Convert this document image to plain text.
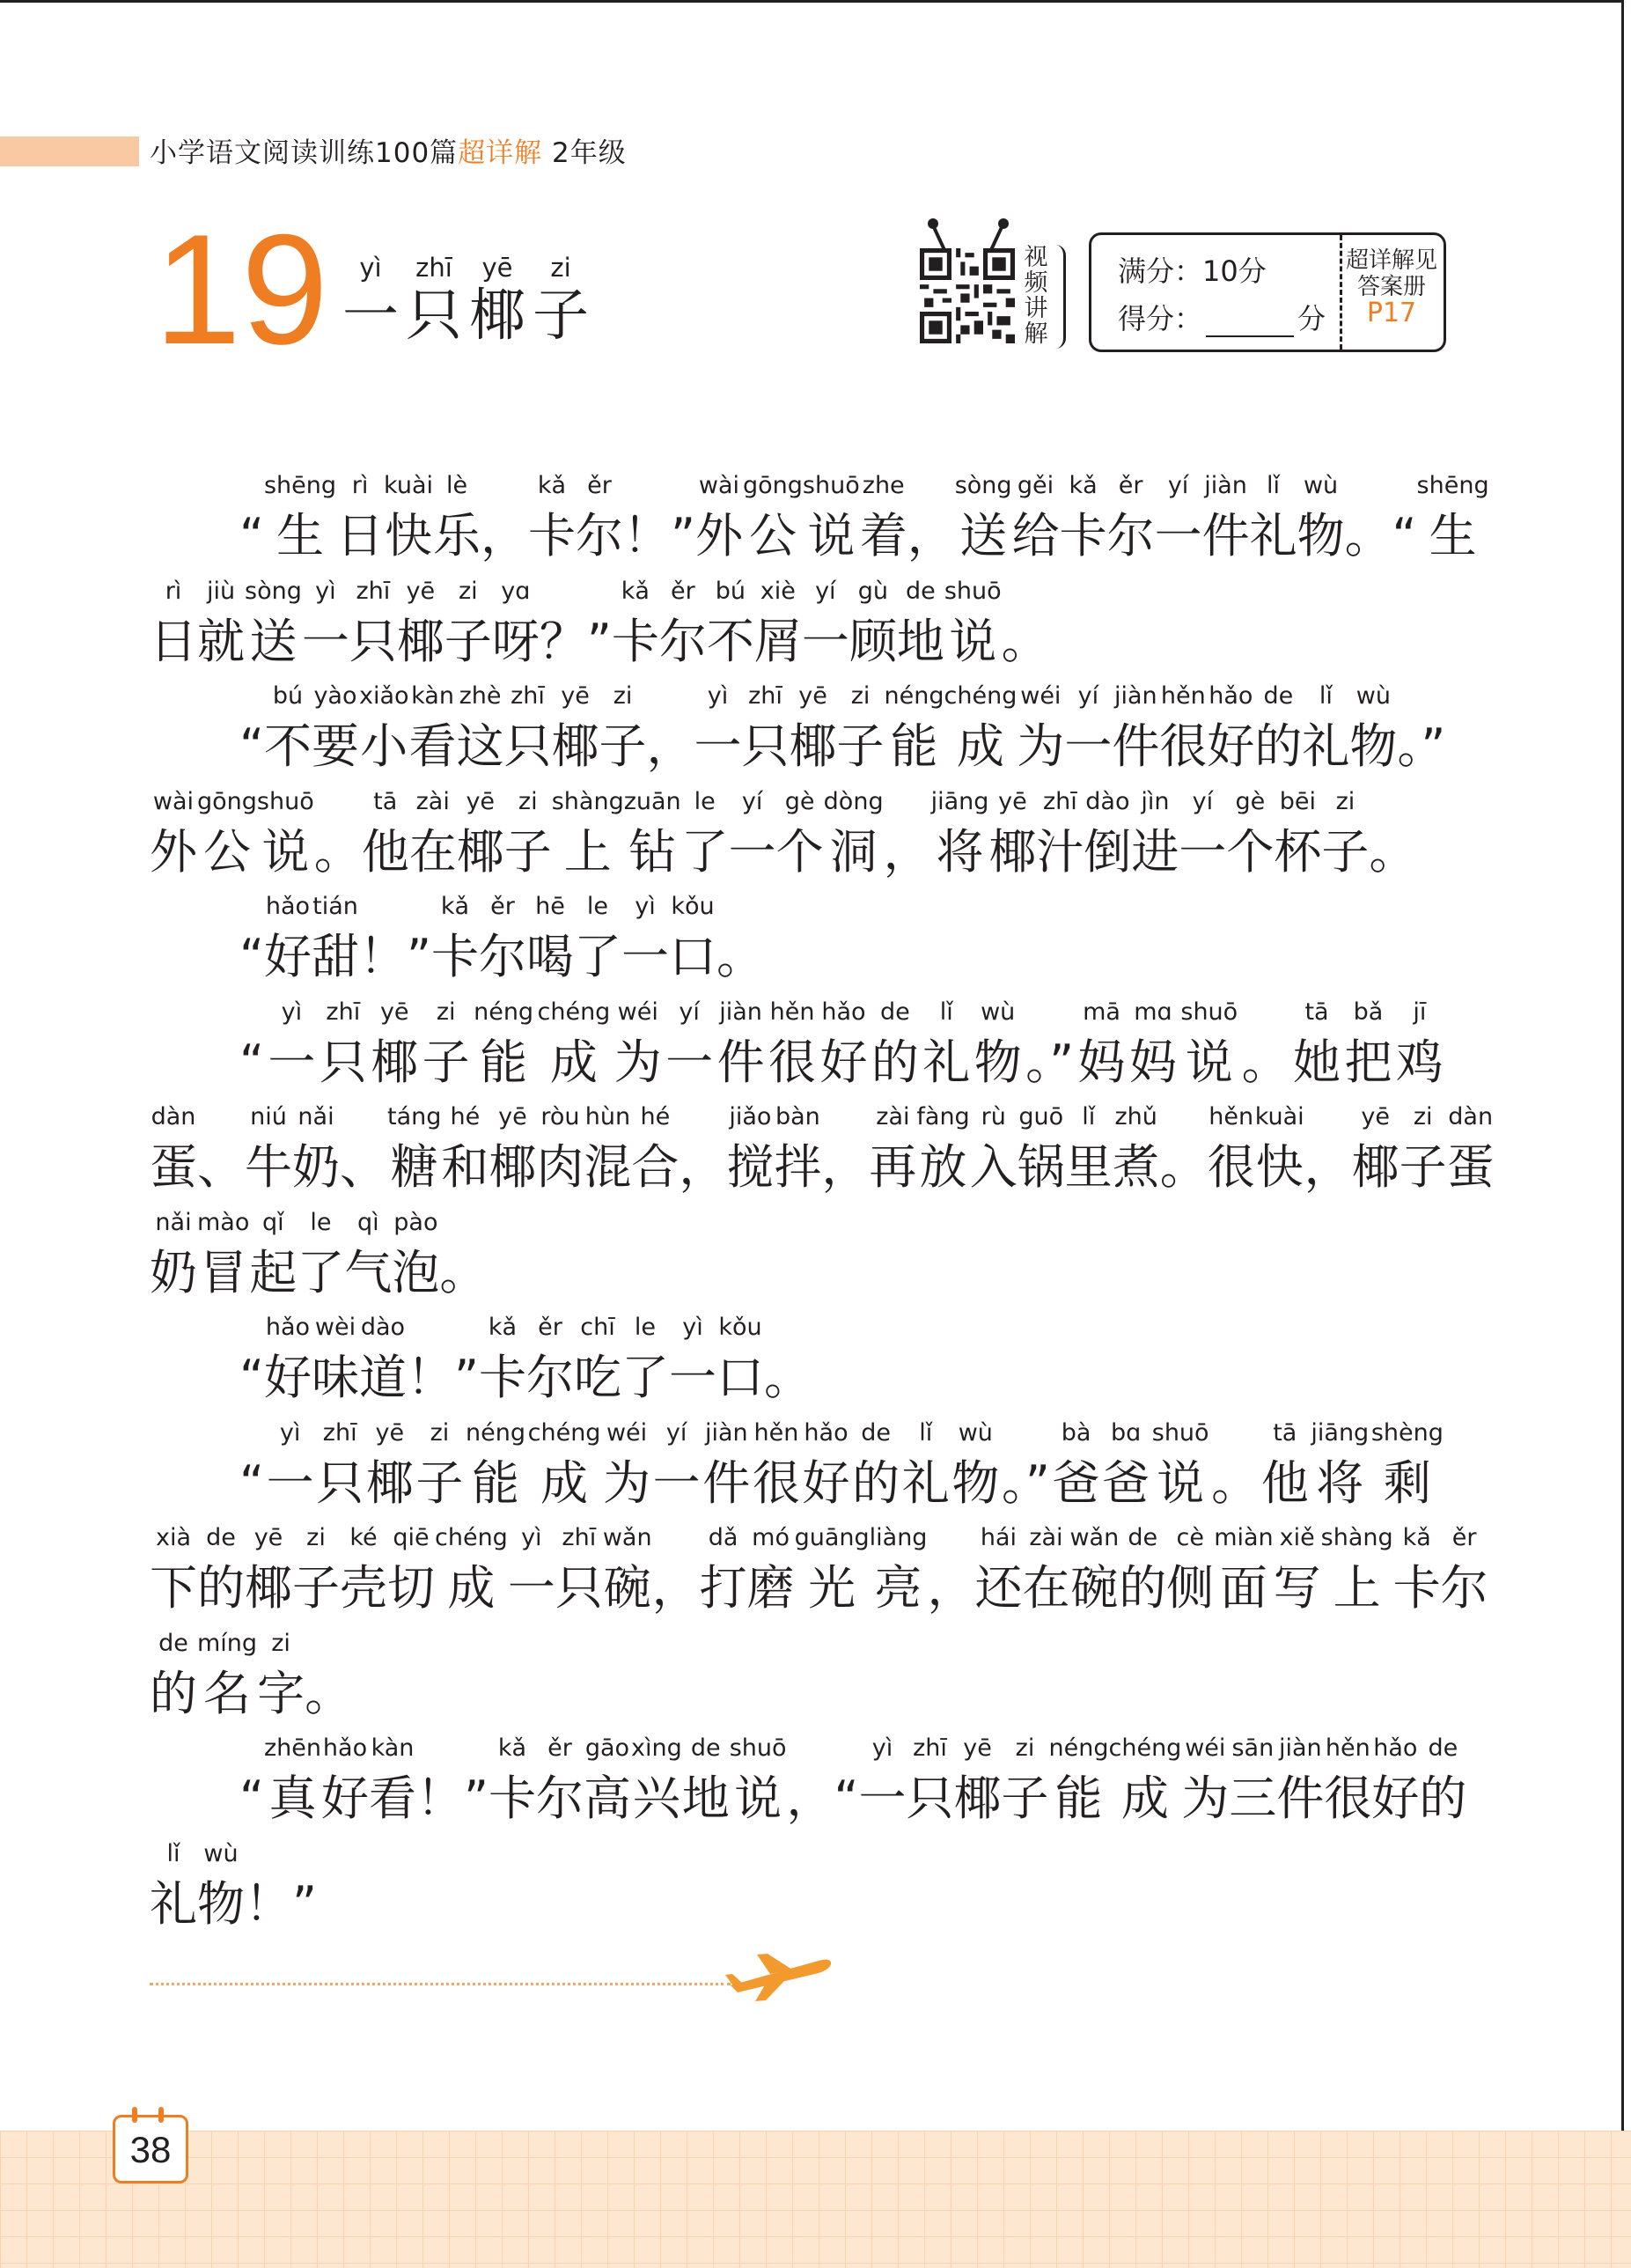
小学语文阅读训练100篇超详解 2年级
19 yì
一
zhī
只
yē
椰
zi
子
视
频
讲
解
满分：10分
得分：	分
超详解见
答案册
P17
“
shēng
生
rì
日
kuài
快
lè
乐 ，
kǎ
卡
ěr
尔 ！”
wài
外
gōng
公
shuō
说
zhe
着 ，
sòng
送
gěi
给
kǎ
卡
ěr
尔
yí
一
jiàn
件
lǐ
礼
wù
物 。“
shēng
生
rì
日
jiù
就
sòng
送
yì
一
zhī
只
yē
椰
zi
子
yɑ
呀 ？”
kǎ
卡
ěr
尔
bú
不
xiè
屑
yí
一
gù
顾
de
地
shuō
说 。
“
bú
不
yào
要
xiǎo
小
kàn
看
zhè
这
zhī
只
yē
椰
zi
子 ，
yì
一
zhī
只
yē
椰
zi
子
néng
能
chéng
成
wéi
为
yí
一
jiàn
件
hěn
很
hǎo
好
de
的
lǐ
礼
wù
物 。”
wài
外
gōng
公
shuō
说 。
tā
他
zài
在
yē
椰
zi
子
shàng
上
zuān
钻
le
了
yí
一
gè
个
dòng
洞 ，
jiāng
将
yē
椰
zhī
汁
dào
倒
jìn
进
yí
一
gè
个
bēi
杯
zi
子 。
“
hǎo
好
tián
甜 ！”
kǎ
卡
ěr
尔
hē
喝
le
了
yì
一
kǒu
口 。
“
yì
一
zhī
只
yē
椰
zi
子
néng
能
chéng
成
wéi
为
yí
一
jiàn
件
hěn
很
hǎo
好
de
的
lǐ
礼
wù
物 。”
mā
妈
mɑ
妈
shuō
说 。
tā
她
bǎ
把
jī
鸡
dàn
蛋 、
niú
牛
nǎi
奶 、
táng
糖
hé
和
yē
椰
ròu
肉
hùn
混
hé
合 ，
jiǎo
搅
bàn
拌 ，
zài
再
fàng
放
rù
入
guō
锅
lǐ
里
zhǔ
煮 。
hěn
很
kuài
快 ，
yē
椰
zi
子
dàn
蛋
nǎi
奶
mào
冒
qǐ
起
le
了
qì
气
pào
泡 。
“
hǎo
好
wèi
味
dào
道 ！”
kǎ
卡
ěr
尔
chī
吃
le
了
yì
一
kǒu
口 。
“
yì
一
zhī
只
yē
椰
zi
子
néng
能
chéng
成
wéi
为
yí
一
jiàn
件
hěn
很
hǎo
好
de
的
lǐ
礼
wù
物 。”
bà
爸
bɑ
爸
shuō
说 。
tā
他
jiāng
将
shèng
剩
xià
下
de
的
yē
椰
zi
子
ké
壳
qiē
切
chéng
成
yì
一
zhī
只
wǎn
碗 ，
dǎ
打
mó
磨
guāng
光
liàng
亮 ，
hái
还
zài
在
wǎn
碗
de
的
cè
侧
miàn
面
xiě
写
shàng
上
kǎ
卡
ěr
尔
de
的
míng
名
zi
字 。
“
zhēn
真
hǎo
好
kàn
看 ！”
kǎ
卡
ěr
尔
gāo
高
xìng
兴
de
地
shuō
说 ，“
yì
一
zhī
只
yē
椰
zi
子
néng
能
chéng
成
wéi
为
sān
三
jiàn
件
hěn
很
hǎo
好
de
的
lǐ
礼
wù
物 ！”
38
